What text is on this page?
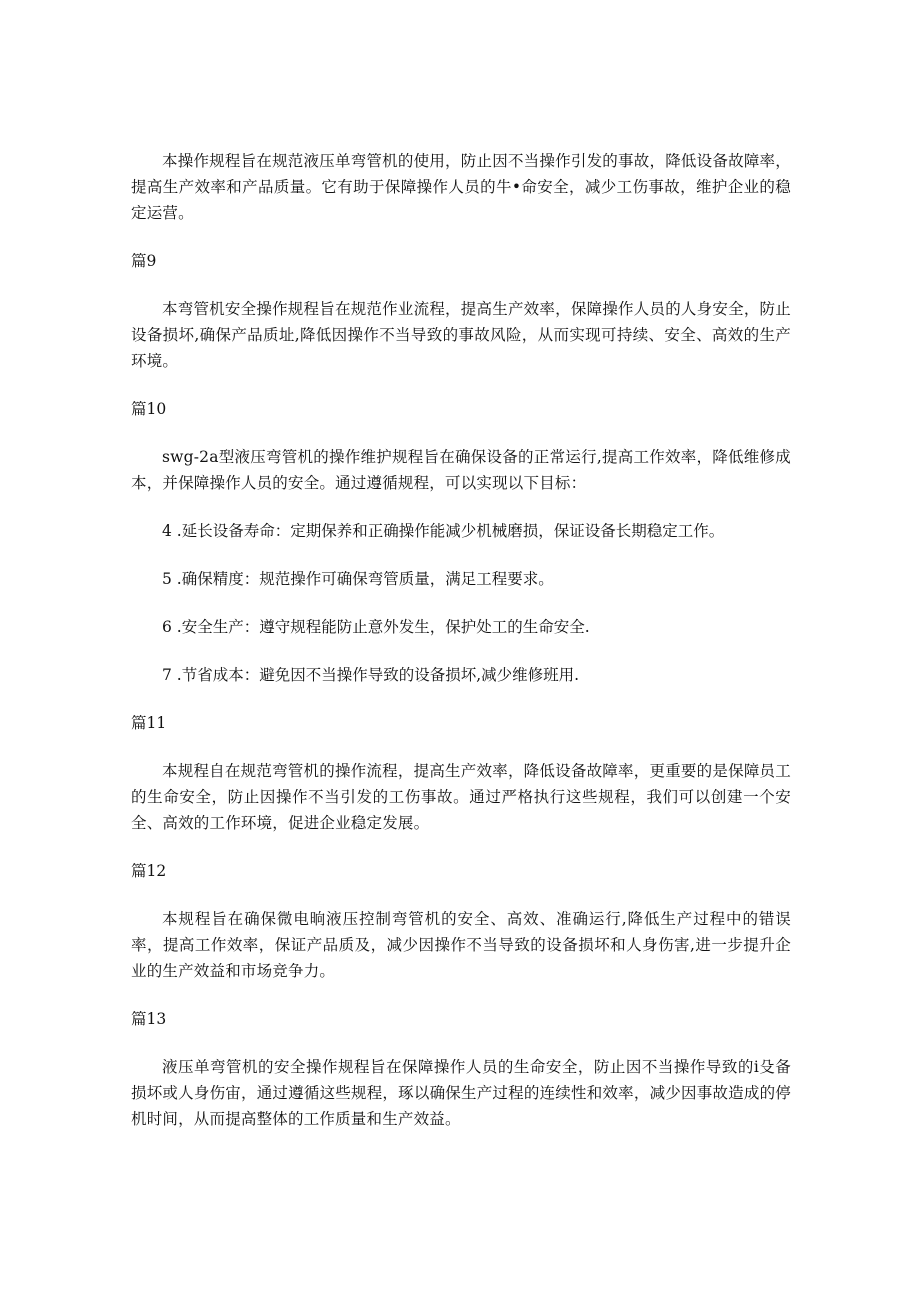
本操作规程旨在规范液压单弯管机的使用，防止因不当操作引发的事故，降低设备故障率，提高生产效率和产品质量。它有助于保障操作人员的牛•命安全，减少工伤事故，维护企业的稳定运营。

篇9

本弯管机安全操作规程旨在规范作业流程，提高生产效率，保障操作人员的人身安全，防止设备损坏,确保产品质址,降低因操作不当导致的事故风险，从而实现可持续、安全、高效的生产环境。

篇10

swg-2a型液压弯管机的操作维护规程旨在确保设备的正常运行,提高工作效率，降低维修成本，并保障操作人员的安全。通过遵循规程，可以实现以下目标：

4 .延长设备寿命：定期保养和正确操作能减少机械磨损，保证设备长期稳定工作。

5 .确保精度：规范操作可确保弯管质量，满足工程要求。

6 .安全生产：遵守规程能防止意外发生，保护处工的生命安全.

7 .节省成本：避免因不当操作导致的设备损坏,减少维修班用.

篇11

本规程自在规范弯管机的操作流程，提高生产效率，降低设备故障率，更重要的是保障员工的生命安全，防止因操作不当引发的工伤事故。通过严格执行这些规程，我们可以创建一个安全、高效的工作环境，促进企业稳定发展。

篇12

本规程旨在确保微电晌液压控制弯管机的安全、高效、准确运行,降低生产过程中的错误率，提高工作效率，保证产品质及，减少因操作不当导致的设备损坏和人身伤害,进一步提升企业的生产效益和市场竞争力。

篇13

液压单弯管机的安全操作规程旨在保障操作人员的生命安全，防止因不当操作导致的i殳备损坏或人身伤宙，通过遵循这些规程，琢以确保生产过程的连续性和效率，减少因事故造成的停机时间，从而提高整体的工作质量和生产效益。
